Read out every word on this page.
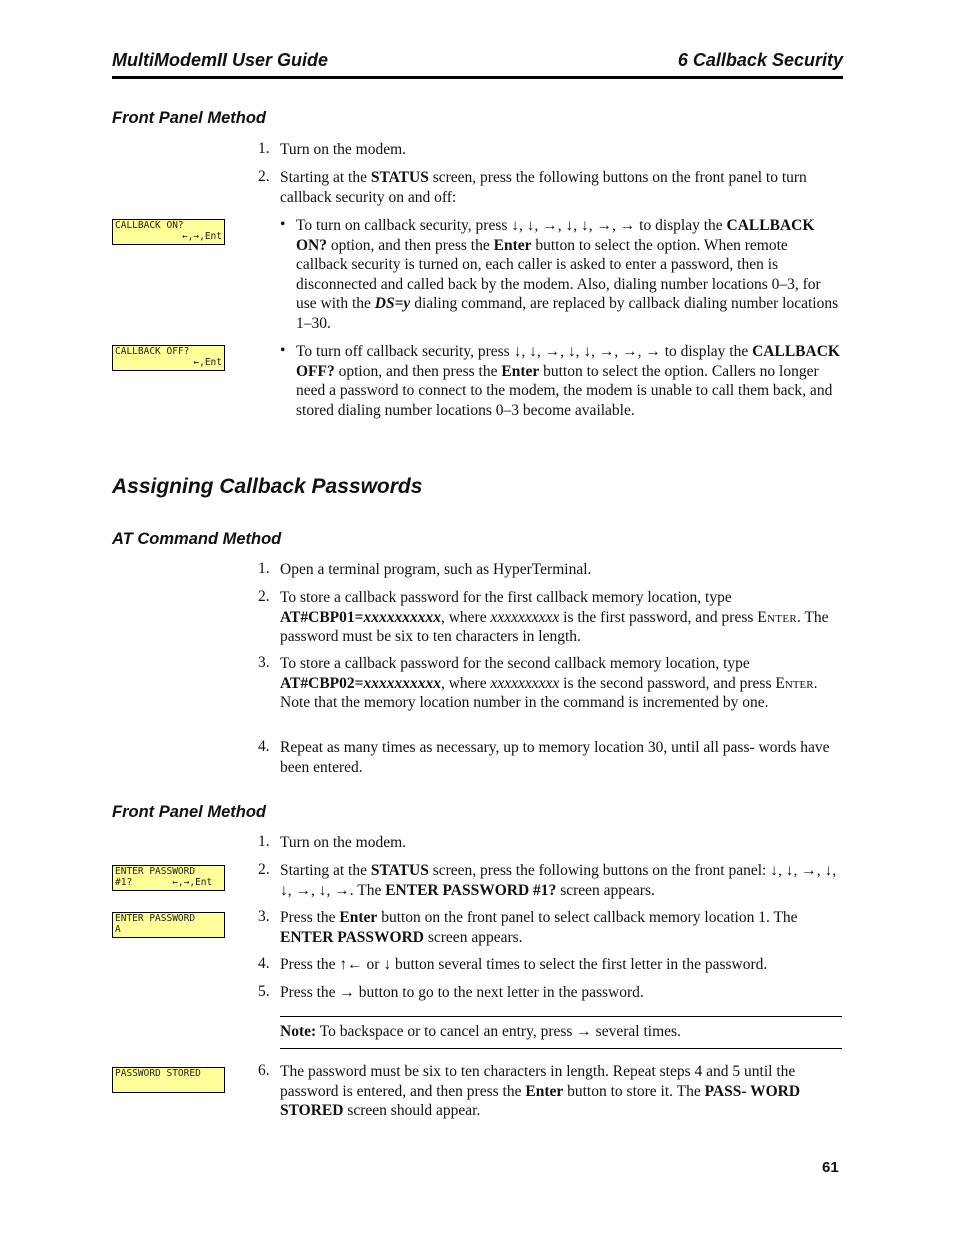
MultiModemII User Guide	6 Callback Security
Front Panel Method
1. Turn on the modem.
2. Starting at the STATUS screen, press the following buttons on the front panel to turn callback security on and off:
CALLBACK ON?
←,→,Ent
• To turn on callback security, press ↓, ↓, →, ↓, ↓, →, → to display the CALLBACK ON? option, and then press the Enter button to select the option. When remote callback security is turned on, each caller is asked to enter a password, then is disconnected and called back by the modem. Also, dialing number locations 0–3, for use with the DS=y dialing command, are replaced by callback dialing number locations 1–30.
CALLBACK OFF?
←,Ent
• To turn off callback security, press ↓, ↓, →, ↓, ↓, →, →, → to display the CALLBACK OFF? option, and then press the Enter button to select the option. Callers no longer need a password to connect to the modem, the modem is unable to call them back, and stored dialing number locations 0–3 become available.
Assigning Callback Passwords
AT Command Method
1. Open a terminal program, such as HyperTerminal.
2. To store a callback password for the first callback memory location, type AT#CBP01=xxxxxxxxxx, where xxxxxxxxxx is the first password, and press Enter. The password must be six to ten characters in length.
3. To store a callback password for the second callback memory location, type AT#CBP02=xxxxxxxxxx, where xxxxxxxxxx is the second password, and press Enter. Note that the memory location number in the command is incremented by one.
4. Repeat as many times as necessary, up to memory location 30, until all pass- words have been entered.
Front Panel Method
1. Turn on the modem.
ENTER PASSWORD
#1?       ←,→,Ent
2. Starting at the STATUS screen, press the following buttons on the front panel: ↓, ↓, →, ↓, ↓, →, ↓, →. The ENTER PASSWORD #1? screen appears.
ENTER PASSWORD
A
3. Press the Enter button on the front panel to select callback memory location 1. The ENTER PASSWORD screen appears.
4. Press the ↑← or ↓ button several times to select the first letter in the password.
5. Press the → button to go to the next letter in the password.
Note: To backspace or to cancel an entry, press → several times.
PASSWORD STORED	6. The password must be six to ten characters in length. Repeat steps 4 and 5 until the password is entered, and then press the Enter button to store it. The PASS- WORD STORED screen should appear.
61
